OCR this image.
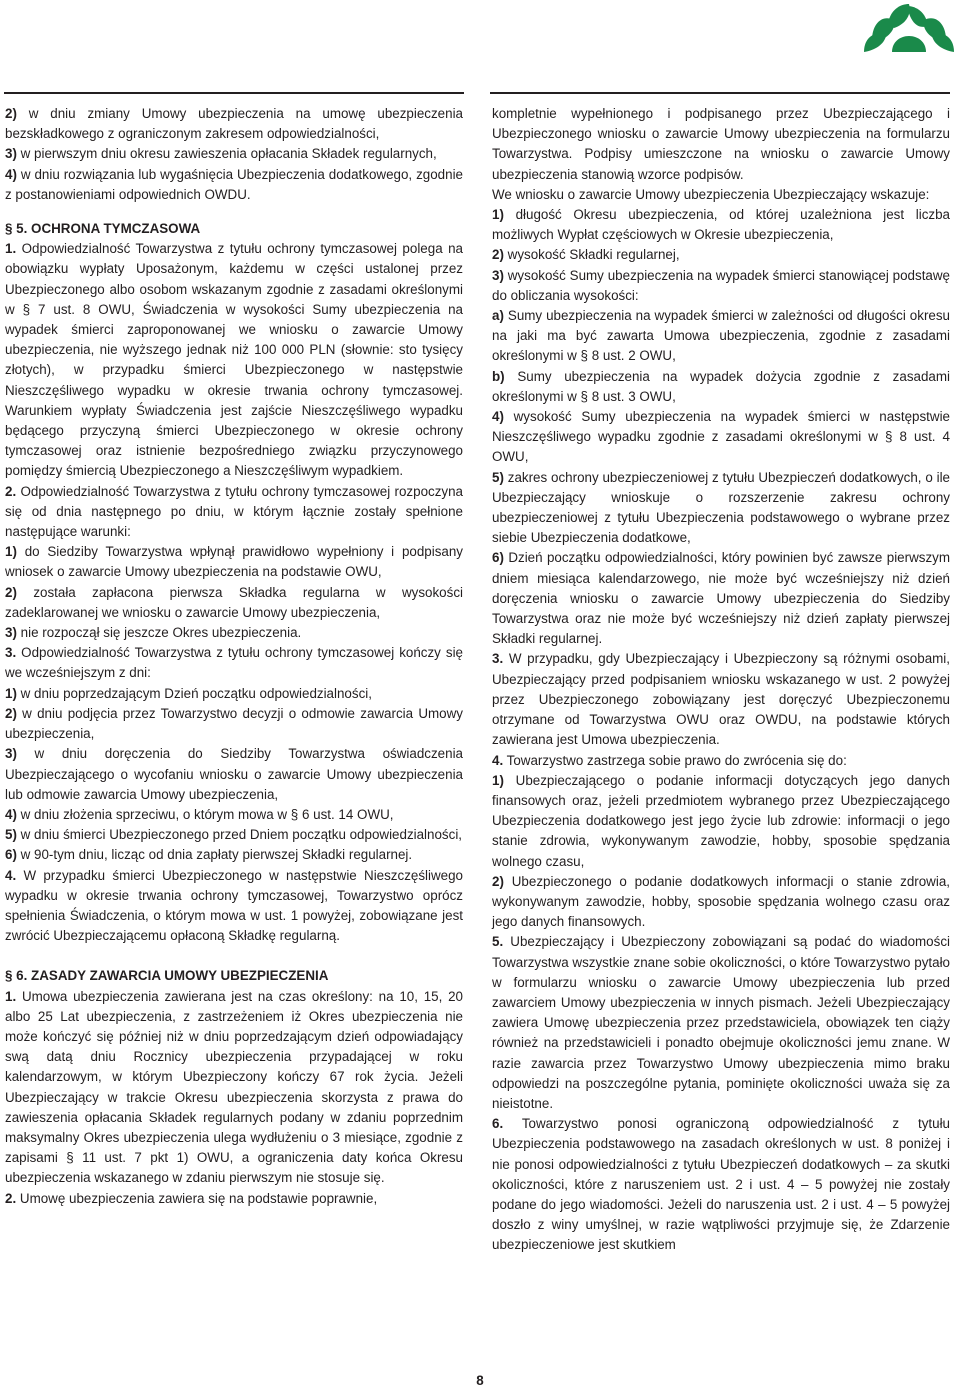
2) w dniu zmiany Umowy ubezpieczenia na umowę ubezpieczenia bezskładkowego z ograniczonym zakresem odpowiedzialności,

3) w pierwszym dniu okresu zawieszenia opłacania Składek regularnych,

4) w dniu rozwiązania lub wygaśnięcia Ubezpieczenia dodatkowego, zgodnie z postanowieniami odpowiednich OWDU.

§ 5. OCHRONA TYMCZASOWA

1. Odpowiedzialność Towarzystwa z tytułu ochrony tymczasowej polega na obowiązku wypłaty Uposażonym, każdemu w części ustalonej przez Ubezpieczonego albo osobom wskazanym zgodnie z zasadami określonymi w § 7 ust. 8 OWU, Świadczenia w wysokości Sumy ubezpieczenia na wypadek śmierci zaproponowanej we wniosku o zawarcie Umowy ubezpieczenia, nie wyższego jednak niż 100 000 PLN (słownie: sto tysięcy złotych), w przypadku śmierci Ubezpieczonego w następstwie Nieszczęśliwego wypadku w okresie trwania ochrony tymczasowej. Warunkiem wypłaty Świadczenia jest zajście Nieszczęśliwego wypadku będącego przyczyną śmierci Ubezpieczonego w okresie ochrony tymczasowej oraz istnienie bezpośredniego związku przyczynowego pomiędzy śmiercią Ubezpieczonego a Nieszczęśliwym wypadkiem.

2. Odpowiedzialność Towarzystwa z tytułu ochrony tymczasowej rozpoczyna się od dnia następnego po dniu, w którym łącznie zostały spełnione następujące warunki:

1) do Siedziby Towarzystwa wpłynął prawidłowo wypełniony i podpisany wniosek o zawarcie Umowy ubezpieczenia na podstawie OWU,

2) została zapłacona pierwsza Składka regularna w wysokości zadeklarowanej we wniosku o zawarcie Umowy ubezpieczenia,

3) nie rozpoczął się jeszcze Okres ubezpieczenia.

3. Odpowiedzialność Towarzystwa z tytułu ochrony tymczasowej kończy się we wcześniejszym z dni:

1) w dniu poprzedzającym Dzień początku odpowiedzialności,

2) w dniu podjęcia przez Towarzystwo decyzji o odmowie zawarcia Umowy ubezpieczenia,

3) w dniu doręczenia do Siedziby Towarzystwa oświadczenia Ubezpieczającego o wycofaniu wniosku o zawarcie Umowy ubezpieczenia lub odmowie zawarcia Umowy ubezpieczenia,

4) w dniu złożenia sprzeciwu, o którym mowa w § 6 ust. 14 OWU,

5) w dniu śmierci Ubezpieczonego przed Dniem początku odpowiedzialności,

6) w 90-tym dniu, licząc od dnia zapłaty pierwszej Składki regularnej.

4. W przypadku śmierci Ubezpieczonego w następstwie Nieszczęśliwego wypadku w okresie trwania ochrony tymczasowej, Towarzystwo oprócz spełnienia Świadczenia, o którym mowa w ust. 1 powyżej, zobowiązane jest zwrócić Ubezpieczającemu opłaconą Składkę regularną.

§ 6. ZASADY ZAWARCIA UMOWY UBEZPIECZENIA

1. Umowa ubezpieczenia zawierana jest na czas określony: na 10, 15, 20 albo 25 Lat ubezpieczenia, z zastrzeżeniem iż Okres ubezpieczenia nie może kończyć się później niż w dniu poprzedzającym dzień odpowiadający swą datą dniu Rocznicy ubezpieczenia przypadającej w roku kalendarzowym, w którym Ubezpieczony kończy 67 rok życia. Jeżeli Ubezpieczający w trakcie Okresu ubezpieczenia skorzysta z prawa do zawieszenia opłacania Składek regularnych podany w zdaniu poprzednim maksymalny Okres ubezpieczenia ulega wydłużeniu o 3 miesiące, zgodnie z zapisami § 11 ust. 7 pkt 1) OWU, a ograniczenia daty końca Okresu ubezpieczenia wskazanego w zdaniu pierwszym nie stosuje się.

2. Umowę ubezpieczenia zawiera się na podstawie poprawnie,

kompletnie wypełnionego i podpisanego przez Ubezpieczającego i Ubezpieczonego wniosku o zawarcie Umowy ubezpieczenia na formularzu Towarzystwa. Podpisy umieszczone na wniosku o zawarcie Umowy ubezpieczenia stanowią wzorce podpisów.

We wniosku o zawarcie Umowy ubezpieczenia Ubezpieczający wskazuje:

1) długość Okresu ubezpieczenia, od której uzależniona jest liczba możliwych Wypłat częściowych w Okresie ubezpieczenia,

2) wysokość Składki regularnej,

3) wysokość Sumy ubezpieczenia na wypadek śmierci stanowiącej podstawę do obliczania wysokości:

a) Sumy ubezpieczenia na wypadek śmierci w zależności od długości okresu na jaki ma być zawarta Umowa ubezpieczenia, zgodnie z zasadami określonymi w § 8 ust. 2 OWU,

b) Sumy ubezpieczenia na wypadek dożycia zgodnie z zasadami określonymi w § 8 ust. 3 OWU,

4) wysokość Sumy ubezpieczenia na wypadek śmierci w następstwie Nieszczęśliwego wypadku zgodnie z zasadami określonymi w § 8 ust. 4 OWU,

5) zakres ochrony ubezpieczeniowej z tytułu Ubezpieczeń dodatkowych, o ile Ubezpieczający wnioskuje o rozszerzenie zakresu ochrony ubezpieczeniowej z tytułu Ubezpieczenia podstawowego o wybrane przez siebie Ubezpieczenia dodatkowe,

6) Dzień początku odpowiedzialności, który powinien być zawsze pierwszym dniem miesiąca kalendarzowego, nie może być wcześniejszy niż dzień doręczenia wniosku o zawarcie Umowy ubezpieczenia do Siedziby Towarzystwa oraz nie może być wcześniejszy niż dzień zapłaty pierwszej Składki regularnej.

3. W przypadku, gdy Ubezpieczający i Ubezpieczony są różnymi osobami, Ubezpieczający przed podpisaniem wniosku wskazanego w ust. 2 powyżej przez Ubezpieczonego zobowiązany jest doręczyć Ubezpieczonemu otrzymane od Towarzystwa OWU oraz OWDU, na podstawie których zawierana jest Umowa ubezpieczenia.

4. Towarzystwo zastrzega sobie prawo do zwrócenia się do:

1) Ubezpieczającego o podanie informacji dotyczących jego danych finansowych oraz, jeżeli przedmiotem wybranego przez Ubezpieczającego Ubezpieczenia dodatkowego jest jego życie lub zdrowie: informacji o jego stanie zdrowia, wykonywanym zawodzie, hobby, sposobie spędzania wolnego czasu,

2) Ubezpieczonego o podanie dodatkowych informacji o stanie zdrowia, wykonywanym zawodzie, hobby, sposobie spędzania wolnego czasu oraz jego danych finansowych.

5. Ubezpieczający i Ubezpieczony zobowiązani są podać do wiadomości Towarzystwa wszystkie znane sobie okoliczności, o które Towarzystwo pytało w formularzu wniosku o zawarcie Umowy ubezpieczenia lub przed zawarciem Umowy ubezpieczenia w innych pismach. Jeżeli Ubezpieczający zawiera Umowę ubezpieczenia przez przedstawiciela, obowiązek ten ciąży również na przedstawicieli i ponadto obejmuje okoliczności jemu znane. W razie zawarcia przez Towarzystwo Umowy ubezpieczenia mimo braku odpowiedzi na poszczególne pytania, pominięte okoliczności uważa się za nieistotne.

6. Towarzystwo ponosi ograniczoną odpowiedzialność z tytułu Ubezpieczenia podstawowego na zasadach określonych w ust. 8 poniżej i nie ponosi odpowiedzialności z tytułu Ubezpieczeń dodatkowych – za skutki okoliczności, które z naruszeniem ust. 2 i ust. 4 – 5 powyżej nie zostały podane do jego wiadomości. Jeżeli do naruszenia ust. 2 i ust. 4 – 5 powyżej doszło z winy umyślnej, w razie wątpliwości przyjmuje się, że Zdarzenie ubezpieczeniowe jest skutkiem

8
